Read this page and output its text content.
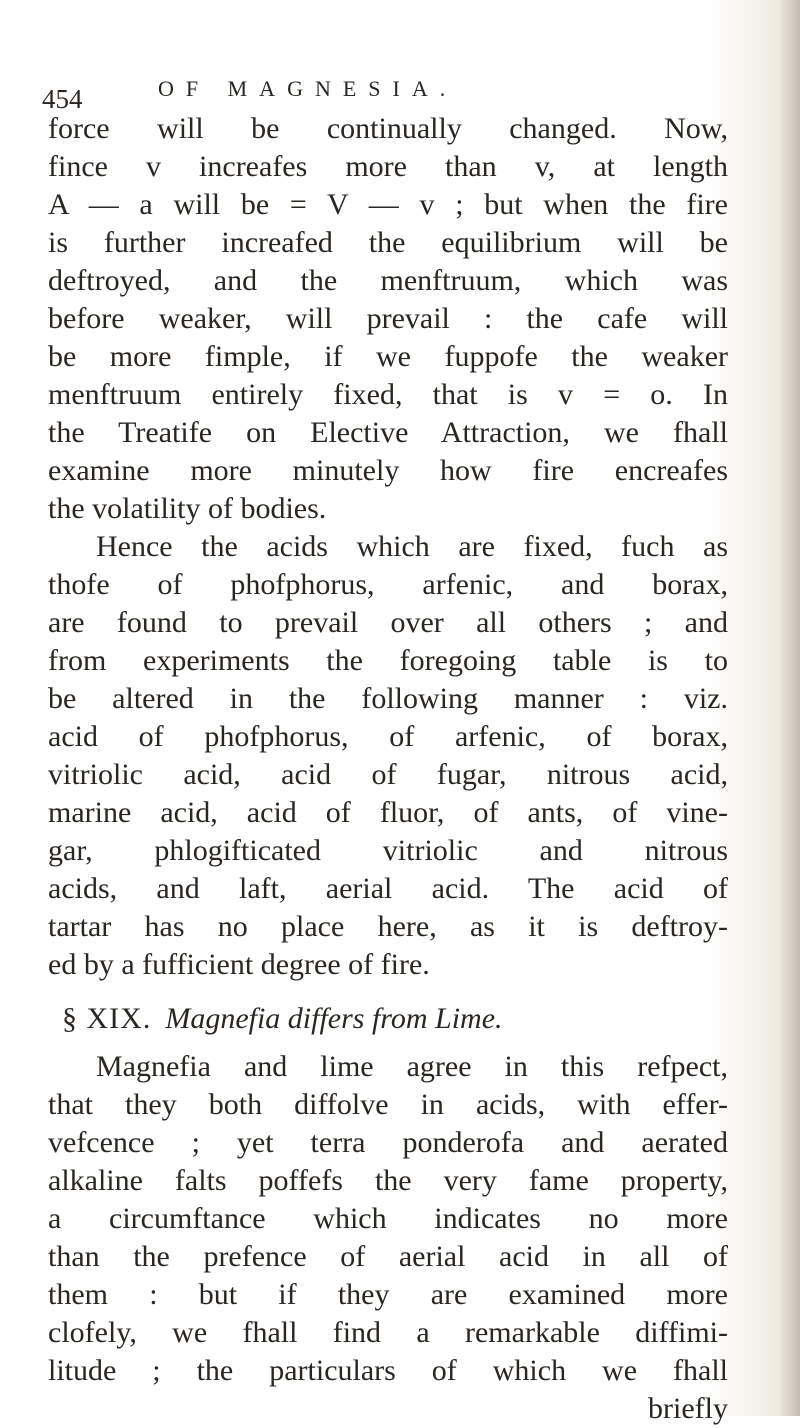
454	OF MAGNESIA.
force will be continually changed. Now,
fince v increafes more than v, at length
A — a will be = V — v ; but when the fire
is further increafed the equilibrium will be
deftroyed, and the menftruum, which was
before weaker, will prevail : the cafe will
be more fimple, if we fuppofe the weaker
menftruum entirely fixed, that is v = o. In
the Treatife on Elective Attraction, we fhall
examine more minutely how fire encreafes
the volatility of bodies.
Hence the acids which are fixed, fuch as
thofe of phofphorus, arfenic, and borax,
are found to prevail over all others ; and
from experiments the foregoing table is to
be altered in the following manner : viz.
acid of phofphorus, of arfenic, of borax,
vitriolic acid, acid of fugar, nitrous acid,
marine acid, acid of fluor, of ants, of vine-
gar, phlogifticated vitriolic and nitrous
acids, and laft, aerial acid. The acid of
tartar has no place here, as it is deftroy-
ed by a fufficient degree of fire.
§ XIX. Magnefia differs from Lime.
Magnefia and lime agree in this refpect,
that they both diffolve in acids, with effer-
vefcence ; yet terra ponderofa and aerated
alkaline falts poffefs the very fame property,
a circumftance which indicates no more
than the prefence of aerial acid in all of
them : but if they are examined more
clofely, we fhall find a remarkable diffimi-
litude ; the particulars of which we fhall
briefly
